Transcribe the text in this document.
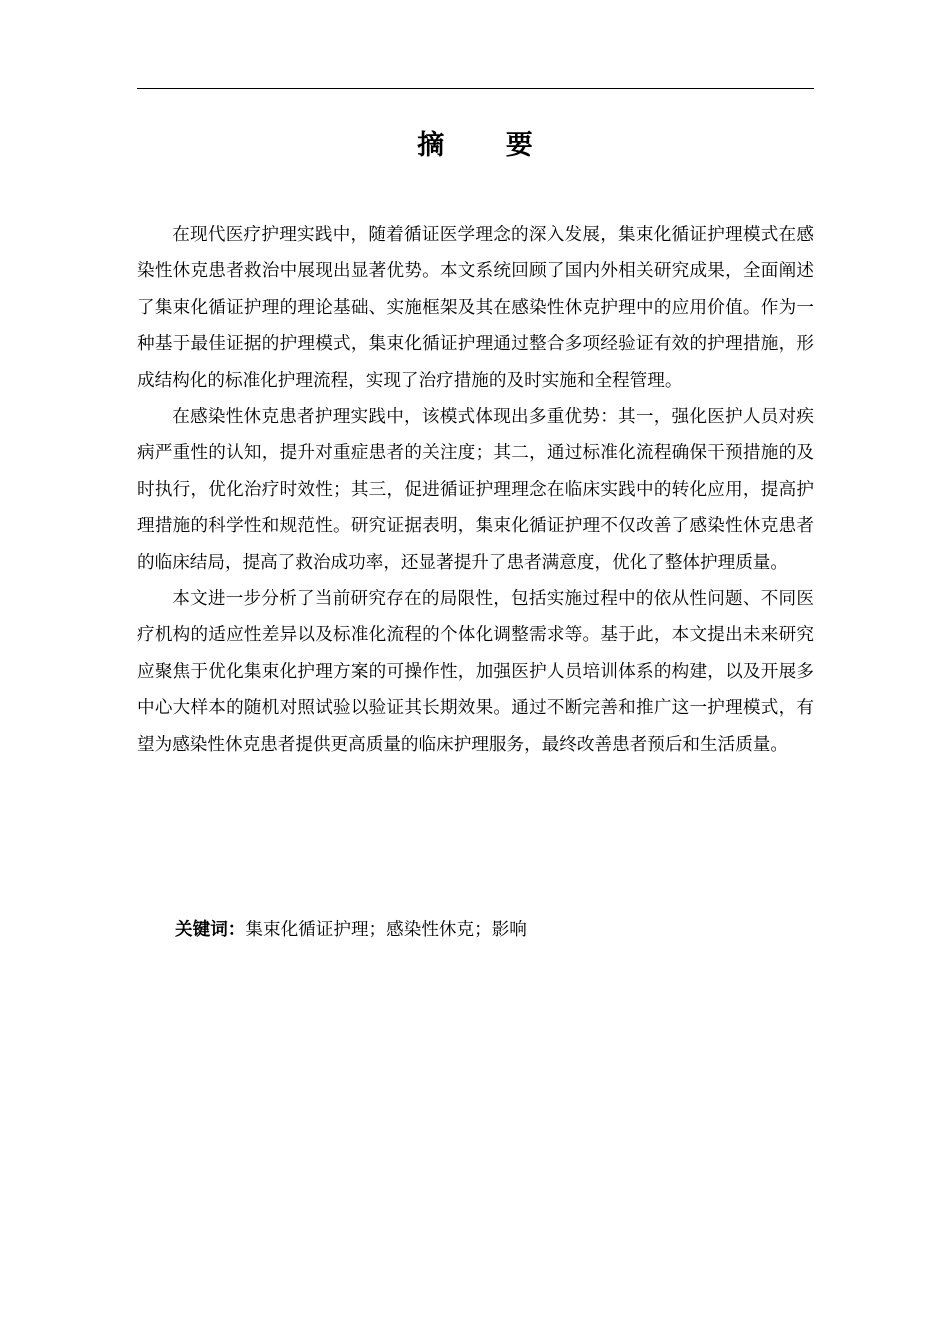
摘 要

在现代医疗护理实践中，随着循证医学理念的深入发展，集束化循证护理模式在感染性休克患者救治中展现出显著优势。本文系统回顾了国内外相关研究成果，全面阐述了集束化循证护理的理论基础、实施框架及其在感染性休克护理中的应用价值。作为一种基于最佳证据的护理模式，集束化循证护理通过整合多项经验证有效的护理措施，形成结构化的标准化护理流程，实现了治疗措施的及时实施和全程管理。

在感染性休克患者护理实践中，该模式体现出多重优势：其一，强化医护人员对疾病严重性的认知，提升对重症患者的关注度；其二，通过标准化流程确保干预措施的及时执行，优化治疗时效性；其三，促进循证护理理念在临床实践中的转化应用，提高护理措施的科学性和规范性。研究证据表明，集束化循证护理不仅改善了感染性休克患者的临床结局，提高了救治成功率，还显著提升了患者满意度，优化了整体护理质量。

本文进一步分析了当前研究存在的局限性，包括实施过程中的依从性问题、不同医疗机构的适应性差异以及标准化流程的个体化调整需求等。基于此，本文提出未来研究应聚焦于优化集束化护理方案的可操作性，加强医护人员培训体系的构建，以及开展多中心大样本的随机对照试验以验证其长期效果。通过不断完善和推广这一护理模式，有望为感染性休克患者提供更高质量的临床护理服务，最终改善患者预后和生活质量。

关键词：集束化循证护理；感染性休克；影响
